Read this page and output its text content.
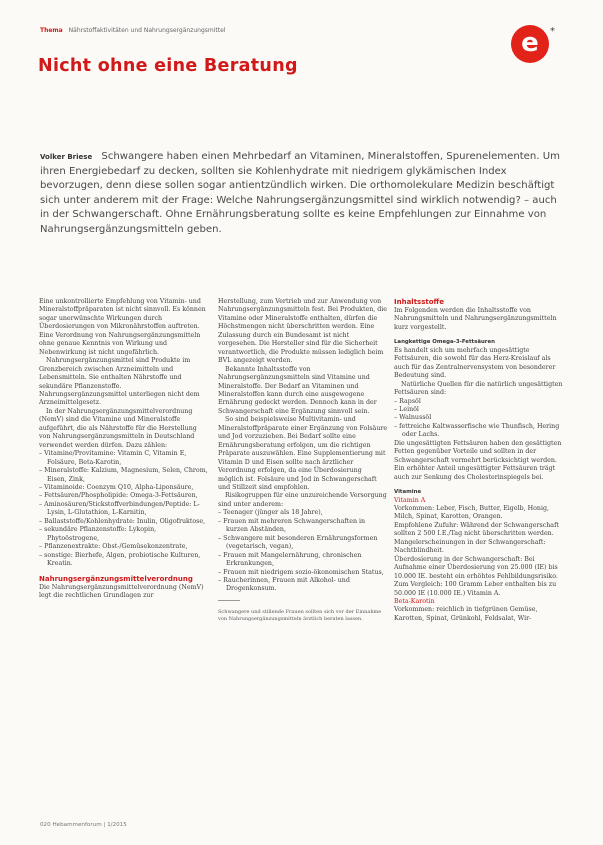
Thema Nährstoffaktivitäten und Nahrungsergänzungsmittel	e	*
Nicht ohne eine Beratung
Volker Briese Schwangere haben einen Mehrbedarf an Vitaminen, Mineralstoffen, Spurenelementen. Um ihren Energiebedarf zu decken, sollten sie Kohlenhydrate mit niedrigem glykämischen Index bevorzugen, denn diese sollen sogar antientzündlich wirken. Die orthomolekulare Medizin beschäftigt sich unter anderem mit der Frage: Welche Nahrungsergänzungsmittel sind wirklich notwendig? – auch in der Schwangerschaft. Ohne Ernährungsberatung sollte es keine Empfehlungen zur Einnahme von Nahrungsergänzungsmitteln geben.

Eine unkontrollierte Empfehlung von Vitamin- und Mineralstoffpräparaten ist nicht sinnvoll. Es können sogar unerwünschte Wirkungen durch Überdosierungen von Mikronährstoffen auftreten. Eine Verordnung von Nahrungsergänzungsmitteln ohne genaue Kenntnis von Wirkung und Nebenwirkung ist nicht ungefährlich.

Nahrungsergänzungsmittel sind Produkte im Grenzbereich zwischen Arzneimitteln und Lebensmitteln. Sie enthalten Nährstoffe und sekundäre Pflanzenstoffe. Nahrungsergänzungsmittel unterliegen nicht dem Arzneimittelgesetz.

In der Nahrungsergänzungsmittelverordnung (NemV) sind die Vitamine und Mineralstoffe aufgeführt, die als Nährstoffe für die Herstellung von Nahrungsergänzungsmitteln in Deutschland verwendet werden dürfen. Dazu zählen:

– Vitamine/Provitamine: Vitamin C, Vitamin E, Folsäure, Beta-Karotin,
– Mineralstoffe: Kalzium, Magnesium, Selen, Chrom, Eisen, Zink,
– Vitaminoide: Coenzym Q10, Alpha-Liponsäure,
– Fettsäuren/Phospholipide: Omega-3-Fettsäuren,
– Aminosäuren/Stickstoffverbindungen/Peptide: L-Lysin, L-Glutathion, L-Karnitin,
– Ballaststoffe/Kohlenhydrate: Inulin, Oligofruktose,
– sekundäre Pflanzenstoffe: Lykopin, Phytoöstrogene,
– Pflanzenextrakte: Obst-/Gemüsekonzentrate,
– sonstige: Bierhefe, Algen, probiotische Kulturen, Kreatin.
Nahrungsergänzungsmittelverordnung

Die Nahrungsergänzungsmittelverordnung (NemV) legt die rechtlichen Grundlagen zur

Herstellung, zum Vertrieb und zur Anwendung von Nahrungsergänzungsmitteln fest. Bei Produkten, die Vitamine oder Mineralstoffe enthalten, dürfen die Höchstmengen nicht überschritten werden. Eine Zulassung durch ein Bundesamt ist nicht vorgesehen. Die Hersteller sind für die Sicherheit verantwortlich, die Produkte müssen lediglich beim BVL angezeigt werden.

Bekannte Inhaltsstoffe von Nahrungsergänzungsmitteln sind Vitamine und Mineralstoffe. Der Bedarf an Vitaminen und Mineralstoffen kann durch eine ausgewogene Ernährung gedeckt werden. Dennoch kann in der Schwangerschaft eine Ergänzung sinnvoll sein.

So sind beispielsweise Multivitamin- und Mineralstoffpräparate einer Ergänzung von Folsäure und Jod vorzuziehen. Bei Bedarf sollte eine Ernährungsberatung erfolgen, um die richtigen Präparate auszuwählen. Eine Supplementierung mit Vitamin D und Eisen sollte nach ärztlicher Verordnung erfolgen, da eine Überdosierung möglich ist. Folsäure und Jod in Schwangerschaft und Stillzeit sind empfohlen.

Risikogruppen für eine unzureichende Versorgung sind unter anderem:

– Teenager (jünger als 18 Jahre),
– Frauen mit mehreren Schwangerschaften in kurzen Abständen,
– Schwangere mit besonderen Ernährungsformen (vegetarisch, vegan),
– Frauen mit Mangelernährung, chronischen Erkrankungen,
– Frauen mit niedrigem sozio-ökonomischen Status,
– Raucherinnen, Frauen mit Alkohol- und Drogenkonsum.

Schwangere und stillende Frauen sollten sich vor der Einnahme von Nahrungsergänzungsmitteln ärztlich beraten lassen.

Inhaltsstoffe

Im Folgenden werden die Inhaltsstoffe von Nahrungsmitteln und Nahrungsergänzungsmitteln kurz vorgestellt.

Langkettige Omega-3-Fettsäuren

Es handelt sich um mehrfach ungesättigte Fettsäuren, die sowohl für das Herz-Kreislauf als auch für das Zentralnervensystem von besonderer Bedeutung sind.

Natürliche Quellen für die natürlich ungesättigten Fettsäuren sind:

– Rapsöl
– Leinöl
– Walnussöl
– fettreiche Kaltwasserfische wie Thunfisch, Hering oder Lachs.

Die ungesättigten Fettsäuren haben den gesättigten Fetten gegenüber Vorteile und sollten in der Schwangerschaft vermehrt berücksichtigt werden. Ein erhöhter Anteil ungesättigter Fettsäuren trägt auch zur Senkung des Cholesterinspiegels bei.

Vitamine
Vitamin A

Vorkommen: Leber, Fisch, Butter, Eigelb, Honig, Milch, Spinat, Karotten, Orangen.

Empfohlene Zufuhr: Während der Schwangerschaft sollten 2 500 I.E./Tag nicht überschritten werden.

Mangelerscheinungen in der Schwangerschaft: Nachtblindheit.

Überdosierung in der Schwangerschaft: Bei Aufnahme einer Überdosierung von 25.000 (IE) bis 10.000 IE. besteht ein erhöhtes Fehlbildungsrisiko. Zum Vergleich: 100 Gramm Leber enthalten bis zu 50.000 IE (10.000 IE.) Vitamin A.

Beta-Karotin

Vorkommen: reichlich in tiefgrünen Gemüse, Karotten, Spinat, Grünkohl, Feldsalat, Wir-

020 Hebammenforum | 1/2015
